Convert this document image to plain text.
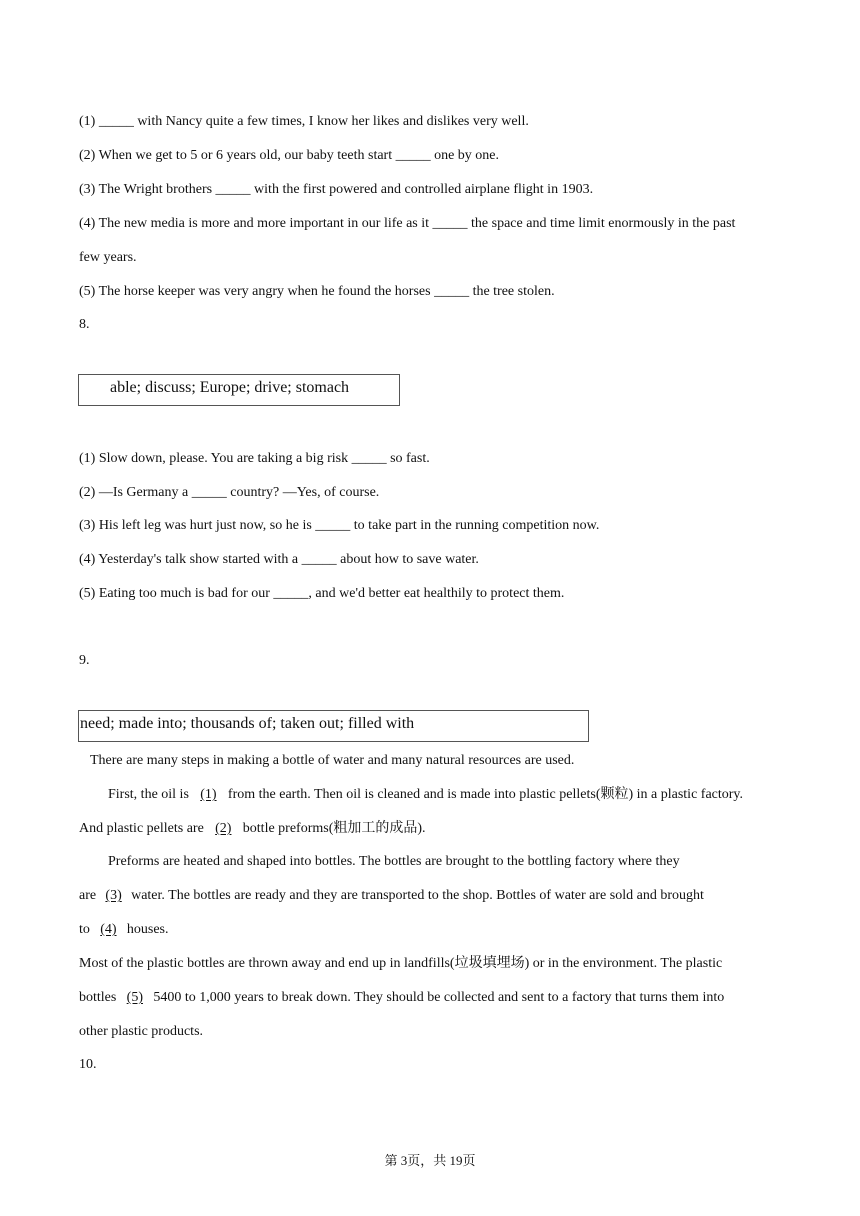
(1) _____ with Nancy quite a few times, I know her likes and dislikes very well.
(2) When we get to 5 or 6 years old, our baby teeth start _____ one by one.
(3) The Wright brothers _____ with the first powered and controlled airplane flight in 1903.
(4) The new media is more and more important in our life as it _____ the space and time limit enormously in the past
few years.
(5) The horse keeper was very angry when he found the horses _____ the tree stolen.
8.
able; discuss; Europe; drive; stomach
(1) Slow down, please. You are taking a big risk _____ so fast.
(2) —Is Germany a _____ country? —Yes, of course.
(3) His left leg was hurt just now, so he is _____ to take part in the running competition now.
(4) Yesterday's talk show started with a _____ about how to save water.
(5) Eating too much is bad for our _____, and we'd better eat healthily to protect them.
9.
need; made into; thousands of; taken out; filled with
There are many steps in making a bottle of water and many natural resources are used.
First, the oil is (1) from the earth. Then oil is cleaned and is made into plastic pellets(颗粒) in a plastic factory.
And plastic pellets are (2) bottle preforms(粗加工的成品).
Preforms are heated and shaped into bottles. The bottles are brought to the bottling factory where they
are (3) water. The bottles are ready and they are transported to the shop. Bottles of water are sold and brought
to (4) houses.
Most of the plastic bottles are thrown away and end up in landfills(垃圾填埋场) or in the environment. The plastic
bottles (5) 5400 to 1,000 years to break down. They should be collected and sent to a factory that turns them into
other plastic products.
10.
第 3页，共 19页
